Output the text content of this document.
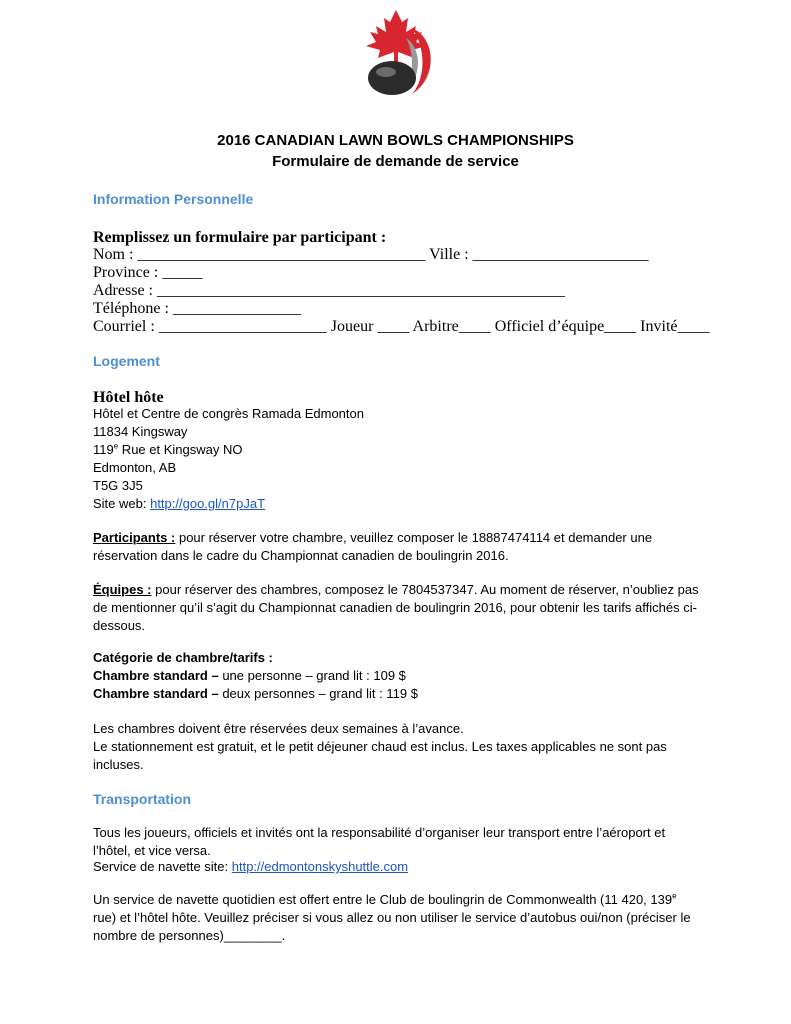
2016 CANADIAN LAWN BOWLS CHAMPIONSHIPS
Formulaire de demande de service
Information Personnelle
Remplissez un formulaire par participant :
Nom : ____________________________________ Ville : ______________________
Province : _____
Adresse : ___________________________________________________
Téléphone : ________________
Courriel : _____________________ Joueur ____ Arbitre____ Officiel d’équipe____ Invité____
Logement
Hôtel hôte
Hôtel et Centre de congrès Ramada Edmonton
11834 Kingsway
119e Rue et Kingsway NO
Edmonton, AB
T5G 3J5
Site web: http://goo.gl/n7pJaT
Participants : pour réserver votre chambre, veuillez composer le 18887474114 et demander une réservation dans le cadre du Championnat canadien de boulingrin 2016.
Équipes : pour réserver des chambres, composez le 7804537347. Au moment de réserver, n’oubliez pas de mentionner qu’il s’agit du Championnat canadien de boulingrin 2016, pour obtenir les tarifs affichés ci-dessous.
Catégorie de chambre/tarifs :
Chambre standard – une personne – grand lit : 109 $
Chambre standard – deux personnes – grand lit : 119 $
Les chambres doivent être réservées deux semaines à l’avance.
Le stationnement est gratuit, et le petit déjeuner chaud est inclus. Les taxes applicables ne sont pas incluses.
Transportation
Tous les joueurs, officiels et invités ont la responsabilité d’organiser leur transport entre l’aéroport et l’hôtel, et vice versa.
Service de navette site: http://edmontonskyshuttle.com
Un service de navette quotidien est offert entre le Club de boulingrin de Commonwealth (11 420, 139e rue) et l’hôtel hôte. Veuillez préciser si vous allez ou non utiliser le service d’autobus oui/non (préciser le nombre de personnes)________.
